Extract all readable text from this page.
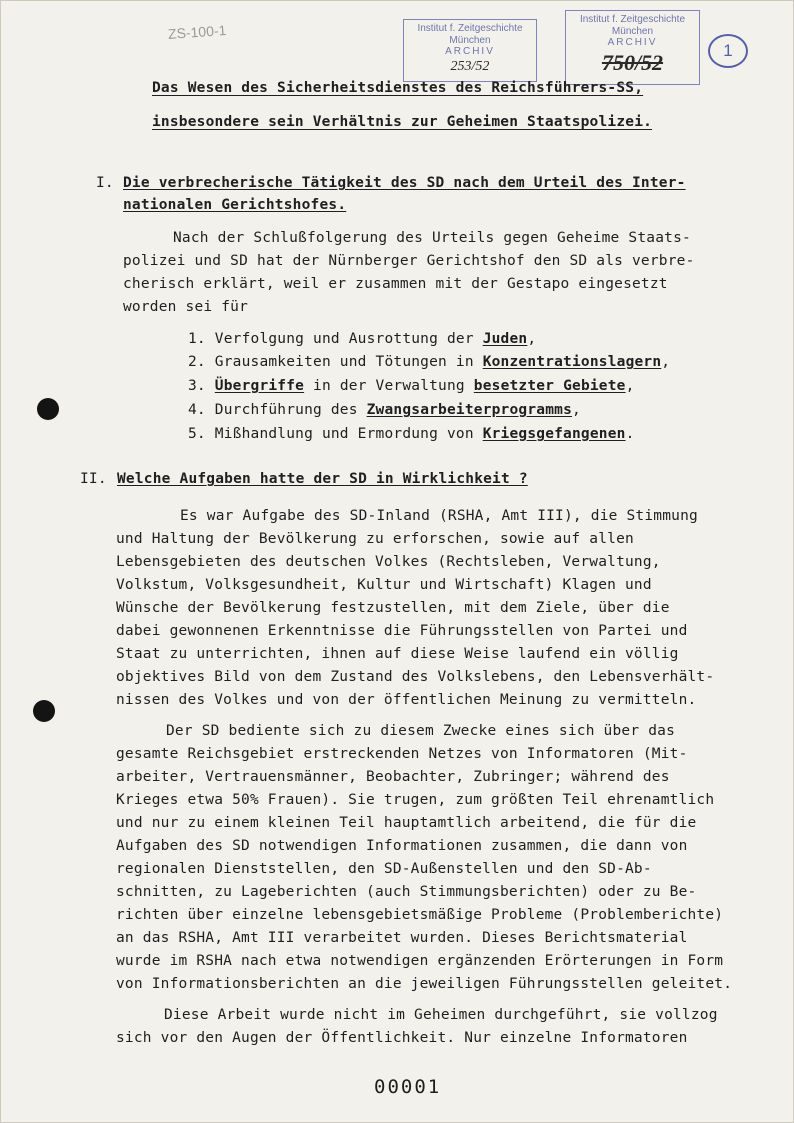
ZS-100-1	Institut f. Zeitgeschichte
München
ARCHIV
253/52
Institut f. Zeitgeschichte
München
ARCHIV
750/52	1
Das Wesen des Sicherheitsdienstes des Reichsführers-SS,
insbesondere sein Verhältnis zur Geheimen Staatspolizei.
I. Die verbrecherische Tätigkeit des SD nach dem Urteil des Inter-
nationalen Gerichtshofes.
Nach der Schlußfolgerung des Urteils gegen Geheime Staats-
polizei und SD hat der Nürnberger Gerichtshof den SD als verbre-
cherisch erklärt, weil er zusammen mit der Gestapo eingesetzt
worden sei für
1. Verfolgung und Ausrottung der Juden,
2. Grausamkeiten und Tötungen in Konzentrationslagern,
3. Übergriffe in der Verwaltung besetzter Gebiete,
4. Durchführung des Zwangsarbeiterprogramms,
5. Mißhandlung und Ermordung von Kriegsgefangenen.
II. Welche Aufgaben hatte der SD in Wirklichkeit ?
Es war Aufgabe des SD-Inland (RSHA, Amt III), die Stimmung
und Haltung der Bevölkerung zu erforschen, sowie auf allen
Lebensgebieten des deutschen Volkes (Rechtsleben, Verwaltung,
Volkstum, Volksgesundheit, Kultur und Wirtschaft) Klagen und
Wünsche der Bevölkerung festzustellen, mit dem Ziele, über die
dabei gewonnenen Erkenntnisse die Führungsstellen von Partei und
Staat zu unterrichten, ihnen auf diese Weise laufend ein völlig
objektives Bild von dem Zustand des Volkslebens, den Lebensverhält-
nissen des Volkes und von der öffentlichen Meinung zu vermitteln.
Der SD bediente sich zu diesem Zwecke eines sich über das
gesamte Reichsgebiet erstreckenden Netzes von Informatoren (Mit-
arbeiter, Vertrauensmänner, Beobachter, Zubringer; während des
Krieges etwa 50% Frauen). Sie trugen, zum größten Teil ehrenamtlich
und nur zu einem kleinen Teil hauptamtlich arbeitend, die für die
Aufgaben des SD notwendigen Informationen zusammen, die dann von
regionalen Dienststellen, den SD-Außenstellen und den SD-Ab-
schnitten, zu Lageberichten (auch Stimmungsberichten) oder zu Be-
richten über einzelne lebensgebietsmäßige Probleme (Problemberichte)
an das RSHA, Amt III verarbeitet wurden. Dieses Berichtsmaterial
wurde im RSHA nach etwa notwendigen ergänzenden Erörterungen in Form
von Informationsberichten an die jeweiligen Führungsstellen geleitet.
Diese Arbeit wurde nicht im Geheimen durchgeführt, sie vollzog
sich vor den Augen der Öffentlichkeit. Nur einzelne Informatoren
00001
